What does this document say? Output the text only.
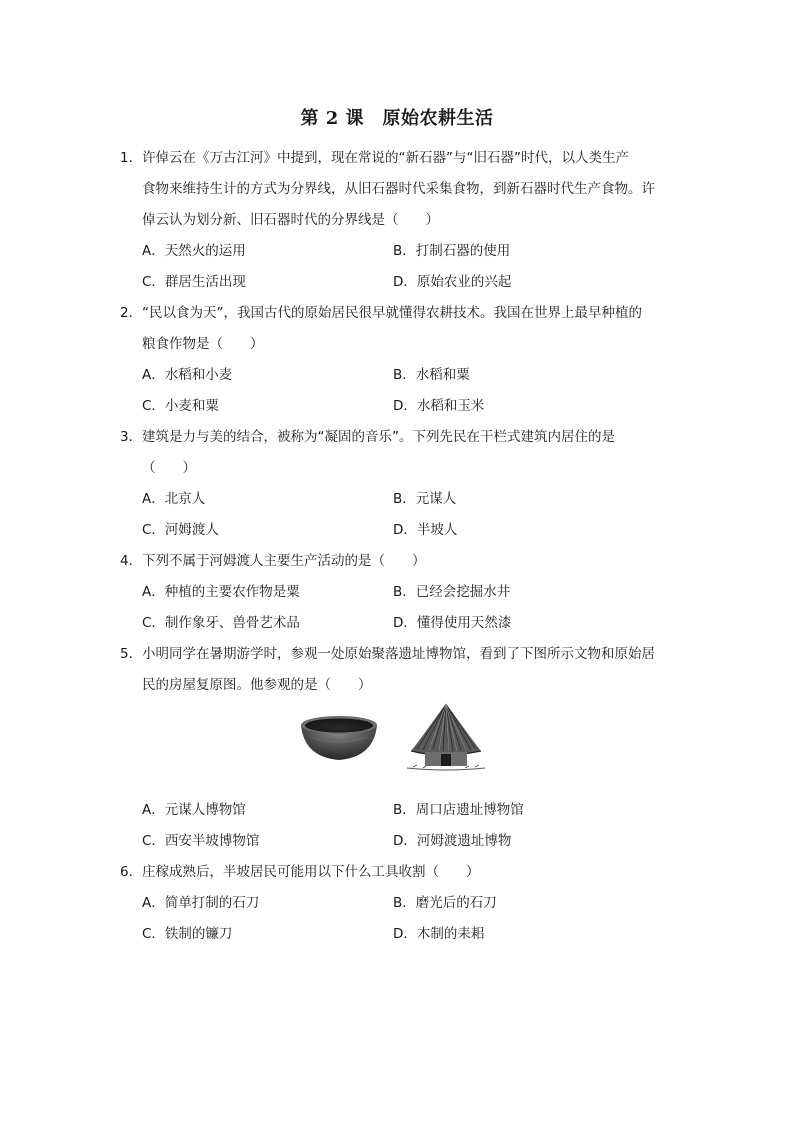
第 2 课　原始农耕生活
1．许倬云在《万古江河》中提到，现在常说的“新石器”与“旧石器”时代，以人类生产
食物来维持生计的方式为分界线，从旧石器时代采集食物，到新石器时代生产食物。许
倬云认为划分新、旧石器时代的分界线是（　　）
A．天然火的运用	B．打制石器的使用
C．群居生活出现	D．原始农业的兴起
2．“民以食为天”，我国古代的原始居民很早就懂得农耕技术。我国在世界上最早种植的
粮食作物是（　　）
A．水稻和小麦	B．水稻和粟
C．小麦和粟	D．水稻和玉米
3．建筑是力与美的结合，被称为“凝固的音乐”。下列先民在干栏式建筑内居住的是
（　　）
A．北京人	B．元谋人
C．河姆渡人	D．半坡人
4．下列不属于河姆渡人主要生产活动的是（　　）
A．种植的主要农作物是粟	B．已经会挖掘水井
C．制作象牙、兽骨艺术品	D．懂得使用天然漆
5．小明同学在暑期游学时，参观一处原始聚落遗址博物馆，看到了下图所示文物和原始居
民的房屋复原图。他参观的是（　　）
A．元谋人博物馆	B．周口店遗址博物馆
C．西安半坡博物馆	D．河姆渡遗址博物
6．庄稼成熟后，半坡居民可能用以下什么工具收割（　　）
A．简单打制的石刀	B．磨光后的石刀
C．铁制的镰刀	D．木制的耒耜
